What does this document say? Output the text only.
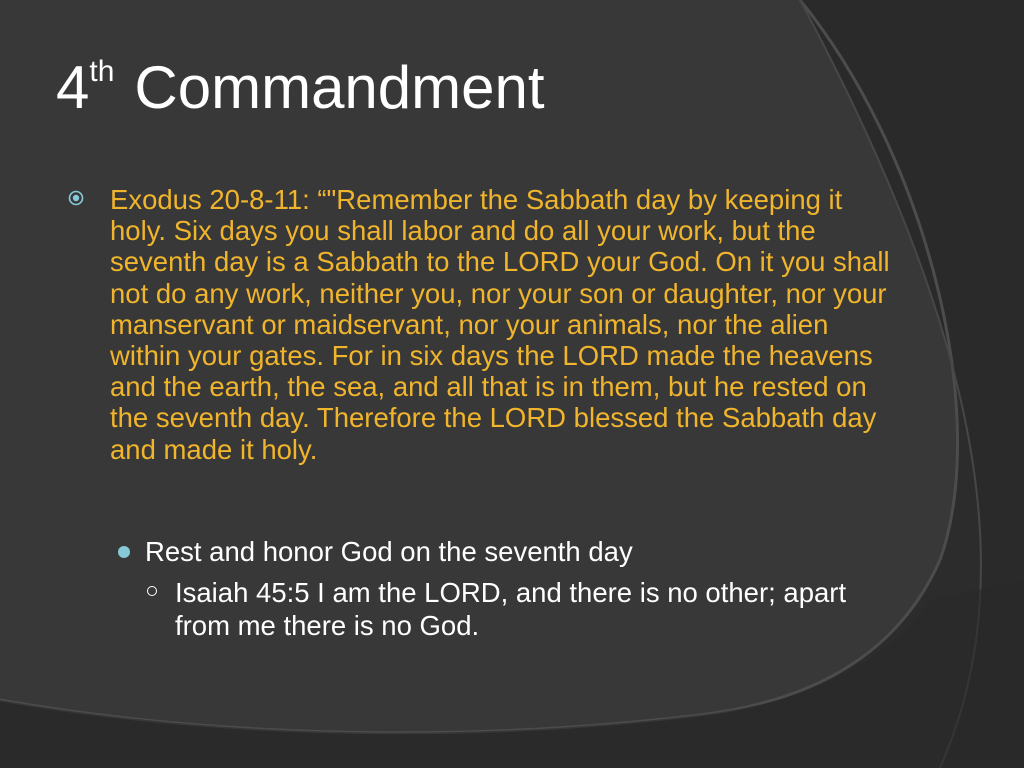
4th Commandment
Exodus 20-8-11: “"Remember the Sabbath day by keeping it holy. Six days you shall labor and do all your work, but the seventh day is a Sabbath to the LORD your God. On it you shall not do any work, neither you, nor your son or daughter, nor your manservant or maidservant, nor your animals, nor the alien within your gates. For in six days the LORD made the heavens and the earth, the sea, and all that is in them, but he rested on the seventh day. Therefore the LORD blessed the Sabbath day and made it holy.
Rest and honor God on the seventh day
Isaiah 45:5 I am the LORD, and there is no other; apart from me there is no God.
